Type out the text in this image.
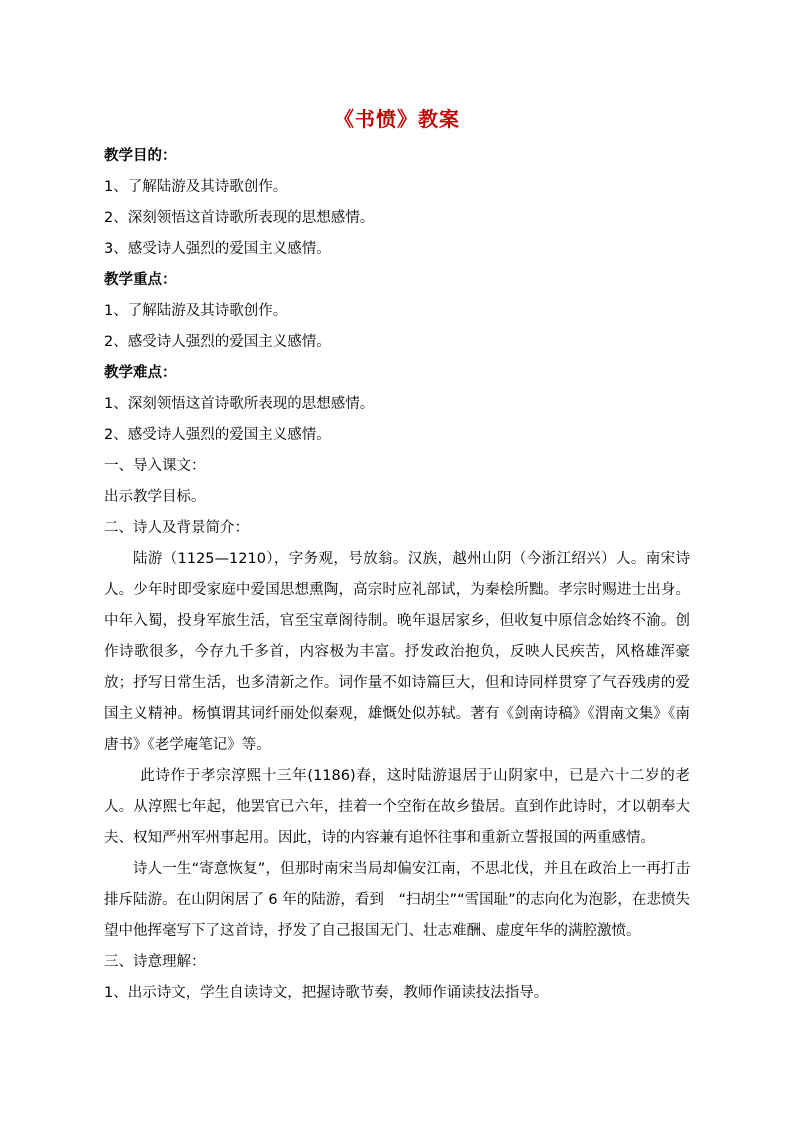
《书愤》教案
教学目的：
1、了解陆游及其诗歌创作。
2、深刻领悟这首诗歌所表现的思想感情。
3、感受诗人强烈的爱国主义感情。
教学重点：
1、了解陆游及其诗歌创作。
2、感受诗人强烈的爱国主义感情。
教学难点：
1、深刻领悟这首诗歌所表现的思想感情。
2、感受诗人强烈的爱国主义感情。
一、导入课文：
出示教学目标。
二、诗人及背景简介：
陆游（1125—1210），字务观，号放翁。汉族，越州山阴（今浙江绍兴）人。南宋诗人。少年时即受家庭中爱国思想熏陶，高宗时应礼部试，为秦桧所黜。孝宗时赐进士出身。中年入蜀，投身军旅生活，官至宝章阁待制。晚年退居家乡，但收复中原信念始终不渝。创作诗歌很多，今存九千多首，内容极为丰富。抒发政治抱负，反映人民疾苦，风格雄浑豪放；抒写日常生活，也多清新之作。词作量不如诗篇巨大，但和诗同样贯穿了气吞残虏的爱国主义精神。杨慎谓其词纤丽处似秦观，雄慨处似苏轼。著有《剑南诗稿》《渭南文集》《南唐书》《老学庵笔记》等。
此诗作于孝宗淳熙十三年(1186)春，这时陆游退居于山阴家中，已是六十二岁的老人。从淳熙七年起，他罢官已六年，挂着一个空衔在故乡蛰居。直到作此诗时，才以朝奉大夫、权知严州军州事起用。因此，诗的内容兼有追怀往事和重新立誓报国的两重感情。
诗人一生“寄意恢复”，但那时南宋当局却偏安江南，不思北伐，并且在政治上一再打击排斥陆游。在山阴闲居了 6 年的陆游，看到　“扫胡尘”“雪国耻”的志向化为泡影，在悲愤失望中他挥毫写下了这首诗，抒发了自己报国无门、壮志难酬、虚度年华的满腔激愤。
三、诗意理解：
1、出示诗文，学生自读诗文，把握诗歌节奏，教师作诵读技法指导。
